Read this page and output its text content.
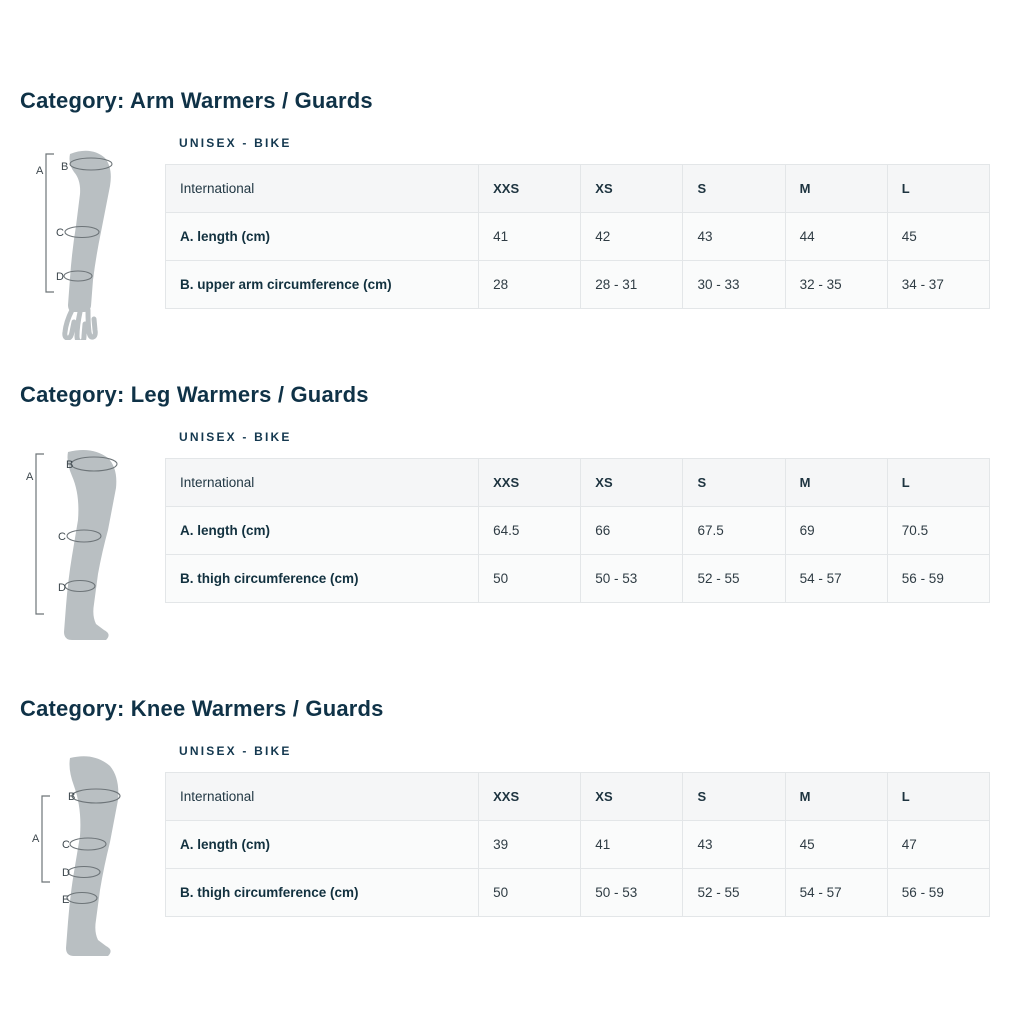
Category: Arm Warmers / Guards
A B
C
D
UNISEX - BIKE
International	XXS	XS	S	M	L
A. length (cm)	41	42	43	44	45
B. upper arm circumference (cm)	28	28 - 31	30 - 33	32 - 35	34 - 37
Category: Leg Warmers / Guards
A
B
C
D
UNISEX - BIKE
International	XXS	XS	S	M	L
A. length (cm)	64.5	66	67.5	69	70.5
B. thigh circumference (cm)	50	50 - 53	52 - 55	54 - 57	56 - 59
Category: Knee Warmers / Guards
A
B
C
D
E
UNISEX - BIKE
International	XXS	XS	S	M	L
A. length (cm)	39	41	43	45	47
B. thigh circumference (cm)	50	50 - 53	52 - 55	54 - 57	56 - 59
